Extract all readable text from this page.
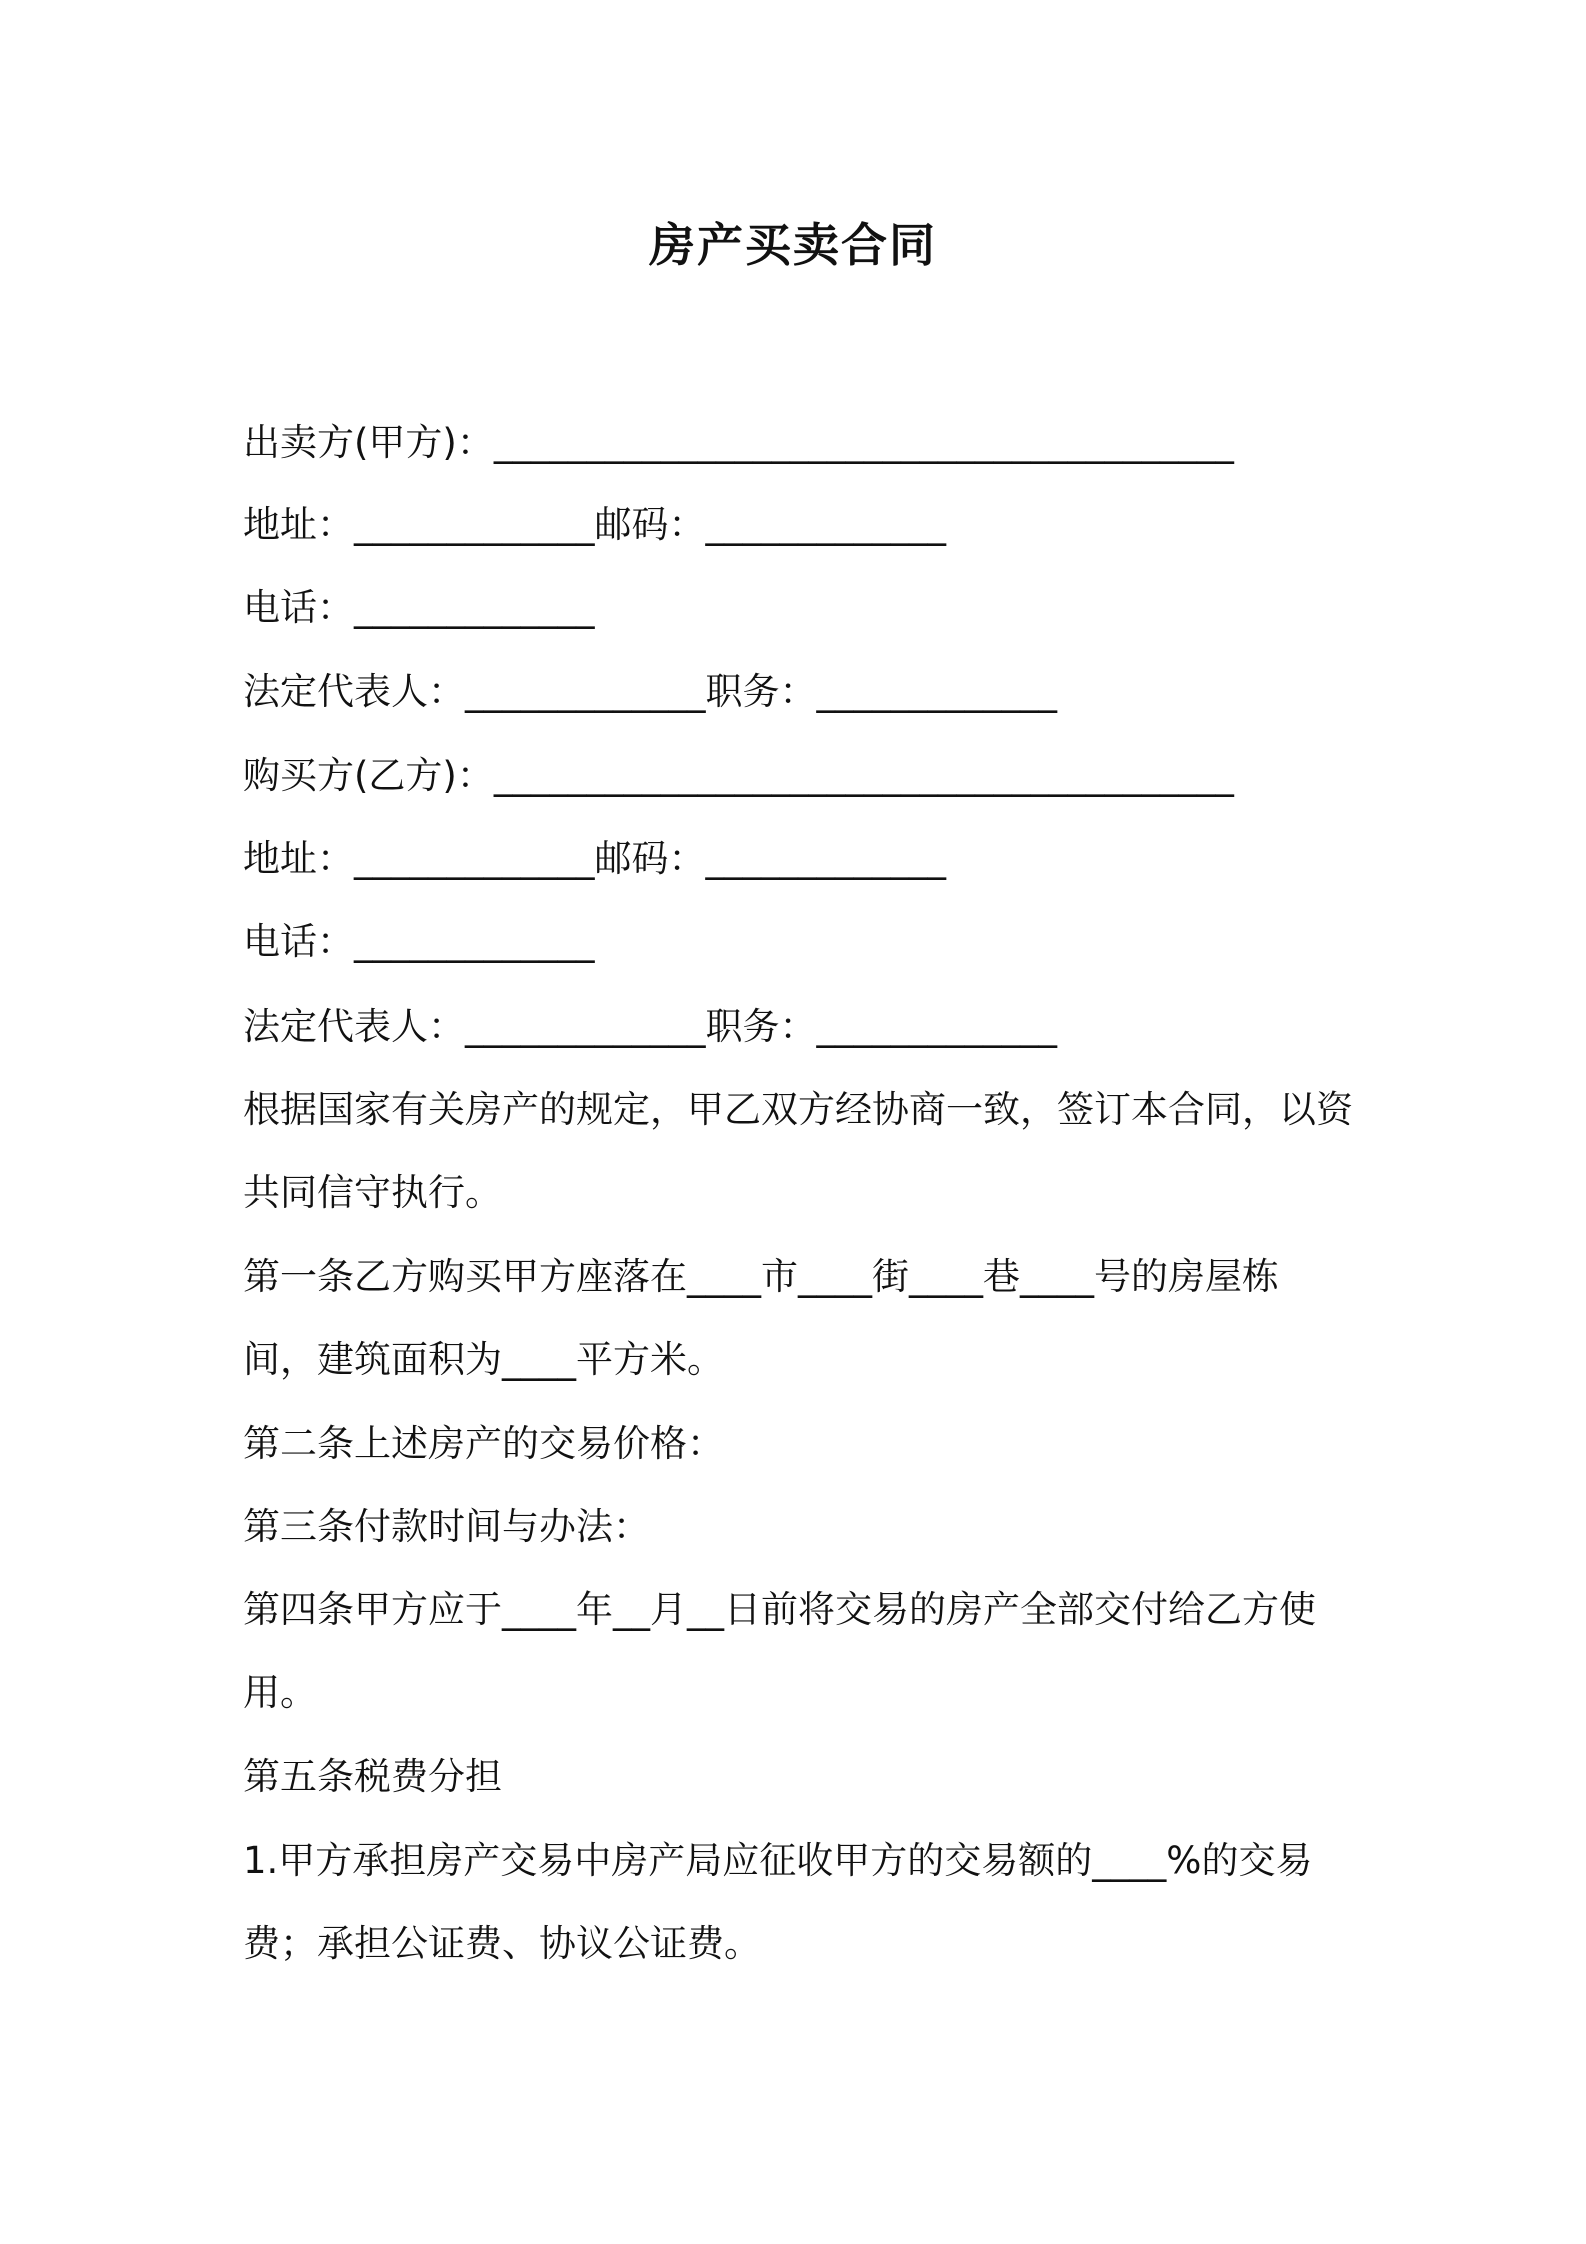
房产买卖合同
出卖方(甲方)：________________________________________
地址：_____________邮码：_____________
电话：_____________
法定代表人：_____________职务：_____________
购买方(乙方)：________________________________________
地址：_____________邮码：_____________
电话：_____________
法定代表人：_____________职务：_____________
根据国家有关房产的规定，甲乙双方经协商一致，签订本合同，以资
共同信守执行。
第一条乙方购买甲方座落在____市____街____巷____号的房屋栋
间，建筑面积为____平方米。
第二条上述房产的交易价格：
第三条付款时间与办法：
第四条甲方应于____年__月__日前将交易的房产全部交付给乙方使
用。
第五条税费分担
1.甲方承担房产交易中房产局应征收甲方的交易额的____%的交易
费；承担公证费、协议公证费。
